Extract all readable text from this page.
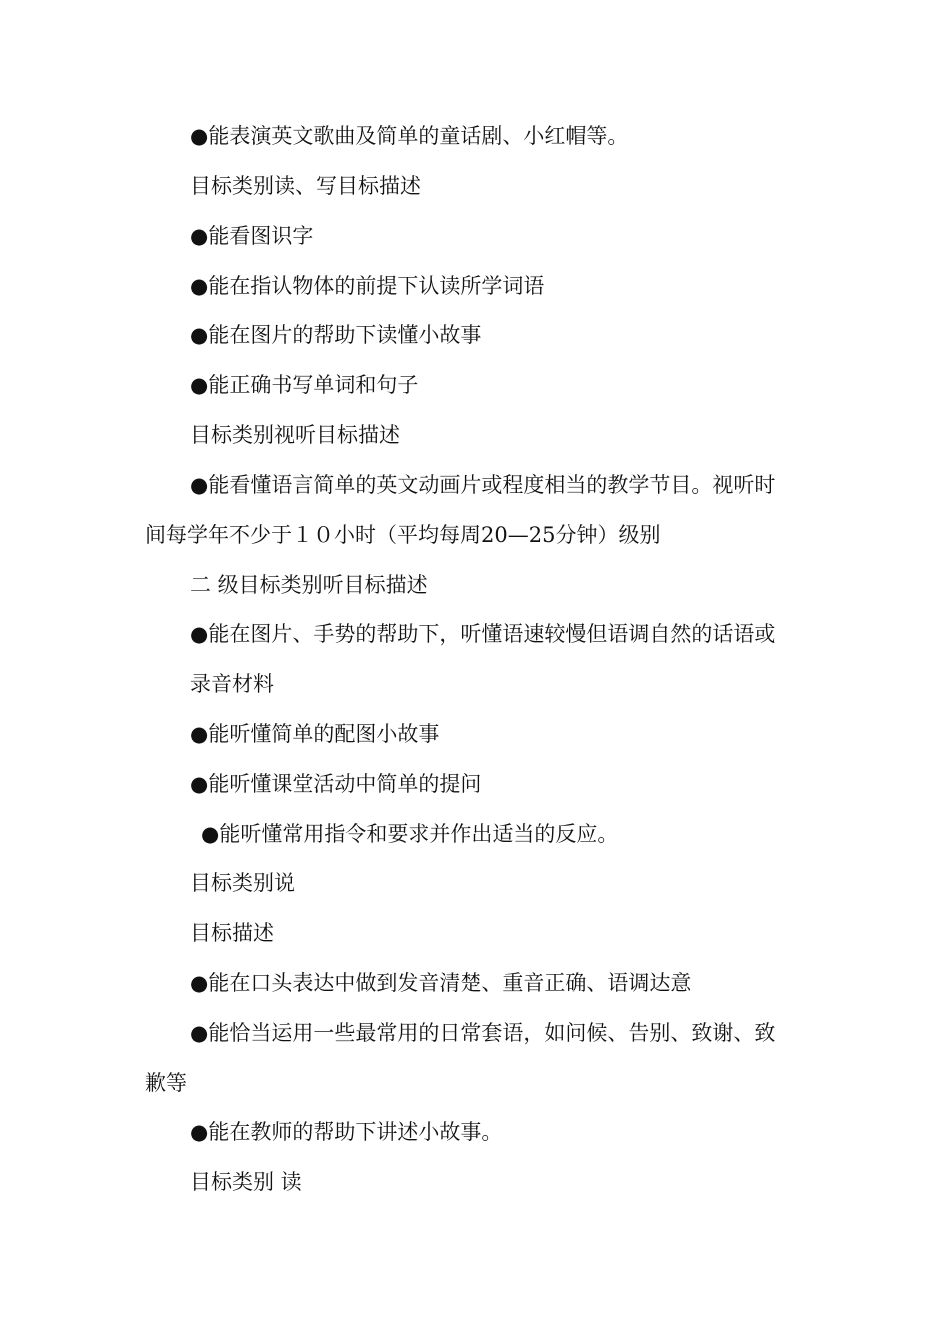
●能表演英文歌曲及简单的童话剧、小红帽等。
目标类别读、写目标描述
●能看图识字
●能在指认物体的前提下认读所学词语
●能在图片的帮助下读懂小故事
●能正确书写单词和句子
目标类别视听目标描述
●能看懂语言简单的英文动画片或程度相当的教学节目。视听时
间每学年不少于１０小时（平均每周20—25分钟）级别
二 级目标类别听目标描述
●能在图片、手势的帮助下，听懂语速较慢但语调自然的话语或
录音材料
●能听懂简单的配图小故事
●能听懂课堂活动中简单的提问
●能听懂常用指令和要求并作出适当的反应。
目标类别说
目标描述
●能在口头表达中做到发音清楚、重音正确、语调达意
●能恰当运用一些最常用的日常套语，如问候、告别、致谢、致
歉等
●能在教师的帮助下讲述小故事。
目标类别 读
